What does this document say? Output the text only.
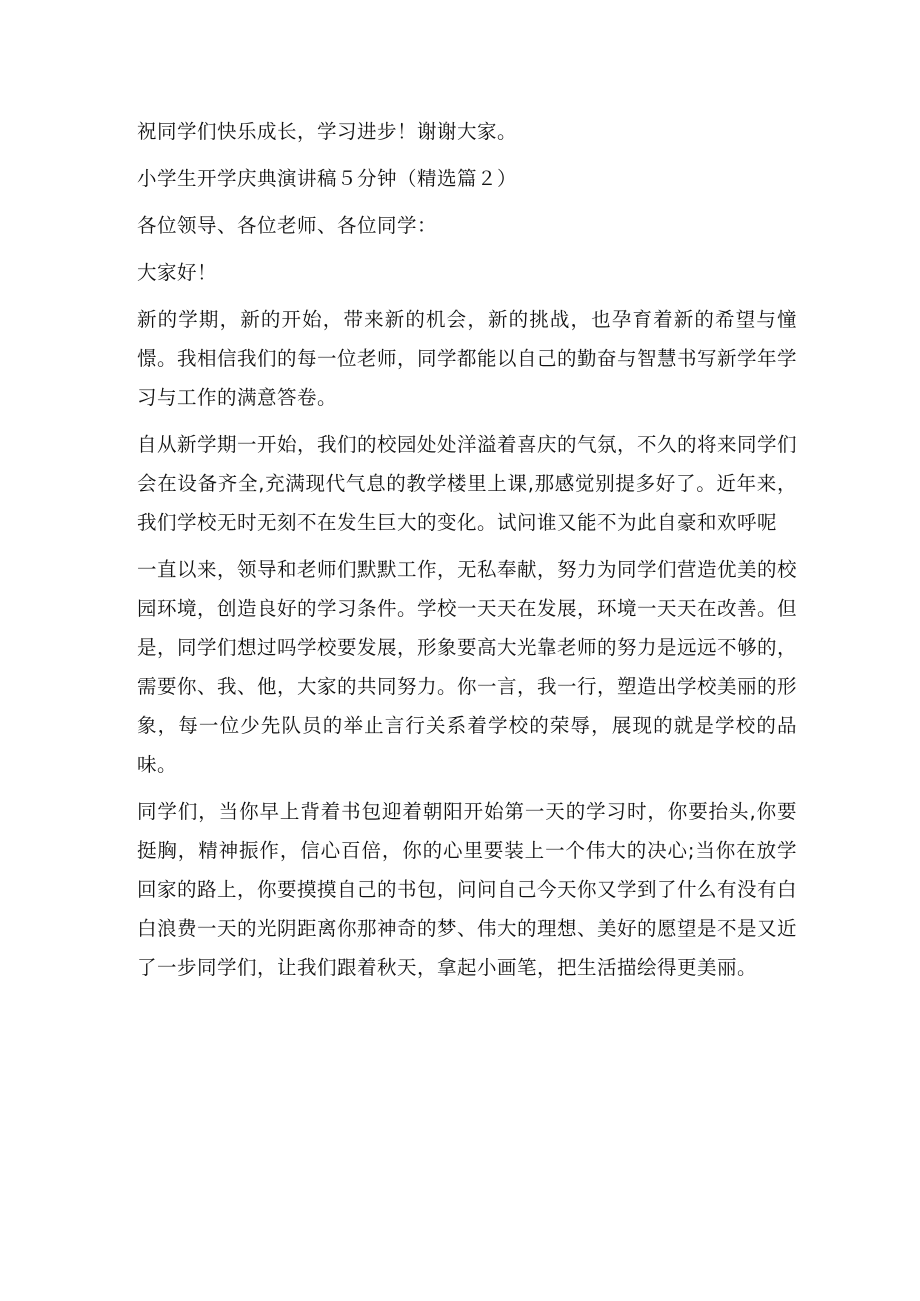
祝同学们快乐成长，学习进步！谢谢大家。

小学生开学庆典演讲稿５分钟（精选篇２）

各位领导、各位老师、各位同学：

大家好！

新的学期，新的开始，带来新的机会，新的挑战，也孕育着新的希望与憧憬。我相信我们的每一位老师，同学都能以自己的勤奋与智慧书写新学年学习与工作的满意答卷。

自从新学期一开始，我们的校园处处洋溢着喜庆的气氛，不久的将来同学们会在设备齐全,充满现代气息的教学楼里上课,那感觉别提多好了。近年来，我们学校无时无刻不在发生巨大的变化。试问谁又能不为此自豪和欢呼呢

一直以来，领导和老师们默默工作，无私奉献，努力为同学们营造优美的校园环境，创造良好的学习条件。学校一天天在发展，环境一天天在改善。但是，同学们想过吗学校要发展，形象要高大光靠老师的努力是远远不够的，需要你、我、他，大家的共同努力。你一言，我一行，塑造出学校美丽的形象，每一位少先队员的举止言行关系着学校的荣辱，展现的就是学校的品味。

同学们，当你早上背着书包迎着朝阳开始第一天的学习时，你要抬头,你要挺胸，精神振作，信心百倍，你的心里要装上一个伟大的决心;当你在放学回家的路上，你要摸摸自己的书包，问问自己今天你又学到了什么有没有白白浪费一天的光阴距离你那神奇的梦、伟大的理想、美好的愿望是不是又近了一步同学们，让我们跟着秋天，拿起小画笔，把生活描绘得更美丽。
